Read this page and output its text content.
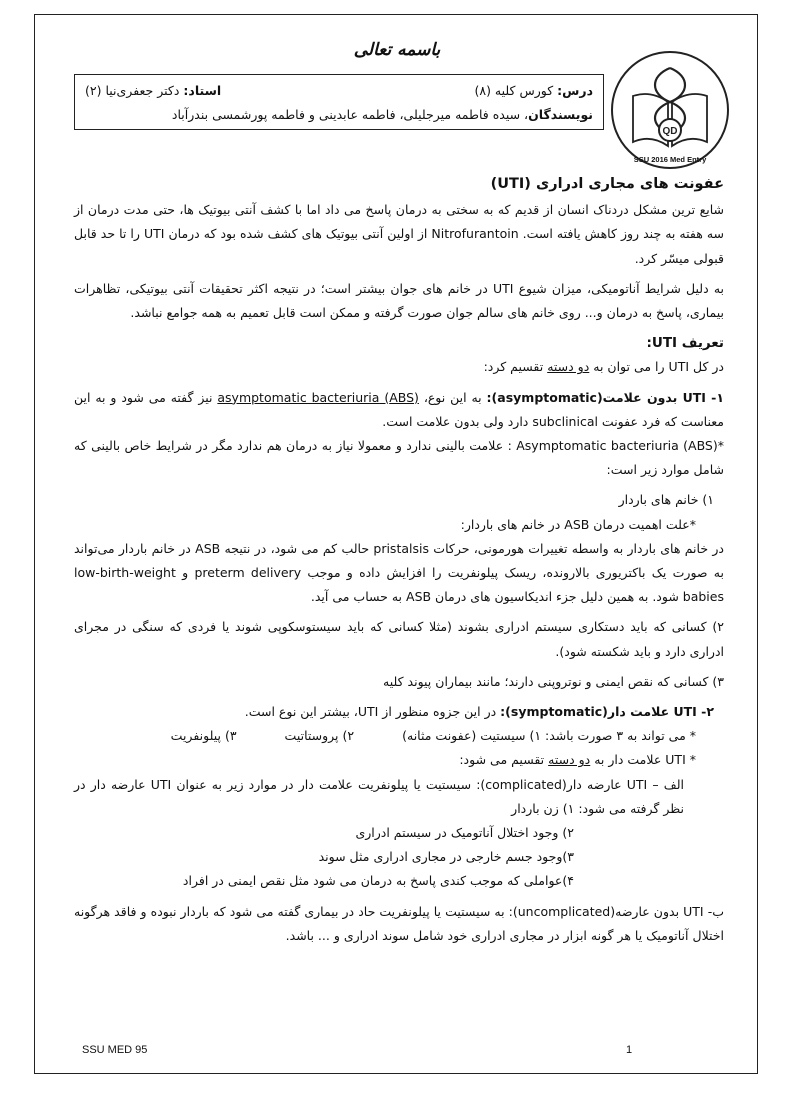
باسمه تعالی
QD
SSU 2016 Med Entry
درس: کورس کلیه (۸)
استاد: دکتر جعفری‌نیا (۲)
نویسندگان، سیده فاطمه میرجلیلی، فاطمه عابدینی و فاطمه پورشمسی بندرآباد

عفونت های مجاری ادراری (UTI)

شایع ترین مشکل دردناک انسان از قدیم که به سختی به درمان پاسخ می داد اما با کشف آنتی بیوتیک ها، حتی مدت درمان از سه هفته به چند روز کاهش یافته است. Nitrofurantoin از اولین آنتی بیوتیک های کشف شده بود که درمان UTI را تا حد قابل قبولی میسّر کرد.

به دلیل شرایط آناتومیکی، میزان شیوع UTI در خانم های جوان بیشتر است؛ در نتیجه اکثر تحقیقات آنتی بیوتیکی، تظاهرات بیماری، پاسخ به درمان و... روی خانم های سالم جوان صورت گرفته و ممکن است قابل تعمیم به همه جوامع نباشد.

تعریف UTI:

در کل UTI را می توان به دو دسته تقسیم کرد:

۱- UTI بدون علامت(asymptomatic): به این نوع، (ABS) asymptomatic bacteriuria نیز گفته می شود و به این معناست که فرد عفونت subclinical دارد ولی بدون علامت است.

*Asymptomatic bacteriuria (ABS) : علامت بالینی ندارد و معمولا نیاز به درمان هم ندارد مگر در شرایط خاص بالینی که شامل موارد زیر است:

۱) خانم های باردار

*علت اهمیت درمان ASB در خانم های باردار:

در خانم های باردار به واسطه تغییرات هورمونی، حرکات pristalsis حالب کم می شود، در نتیجه ASB در خانم باردار می‌تواند به صورت یک باکتریوری بالارونده، ریسک پیلونفریت را افزایش داده و موجب preterm delivery و low-birth-weight babies شود. به همین دلیل جزء اندیکاسیون های درمان ASB به حساب می آید.

۲) کسانی که باید دستکاری سیستم ادراری بشوند (مثلا کسانی که باید سیستوسکوپی شوند یا فردی که سنگی در مجرای ادراری دارد و باید شکسته شود).

۳) کسانی که نقص ایمنی و نوتروپنی دارند؛ مانند بیماران پیوند کلیه

۲- UTI علامت دار(symptomatic): در این جزوه منظور از UTI، بیشتر این نوع است.

* می تواند به ۳ صورت باشد: ۱) سیستیت (عفونت مثانه)
۲) پروستاتیت
۳) پیلونفریت

* UTI علامت دار به دو دسته تقسیم می شود:

الف – UTI عارضه دار(complicated): سیستیت یا پیلونفریت علامت دار در موارد زیر به عنوان UTI عارضه دار در نظر گرفته می شود: ۱) زن باردار

۲) وجود اختلال آناتومیک در سیستم ادراری

۳)وجود جسم خارجی در مجاری ادراری مثل سوند

۴)عواملی که موجب کندی پاسخ به درمان می شود مثل نقص ایمنی در افراد

ب- UTI بدون عارضه(uncomplicated): به سیستیت یا پیلونفریت حاد در بیماری گفته می شود که باردار نبوده و فاقد هرگونه اختلال آناتومیک یا هر گونه ابزار در مجاری ادراری خود شامل سوند ادراری و ... باشد.

SSU MED 95	1
